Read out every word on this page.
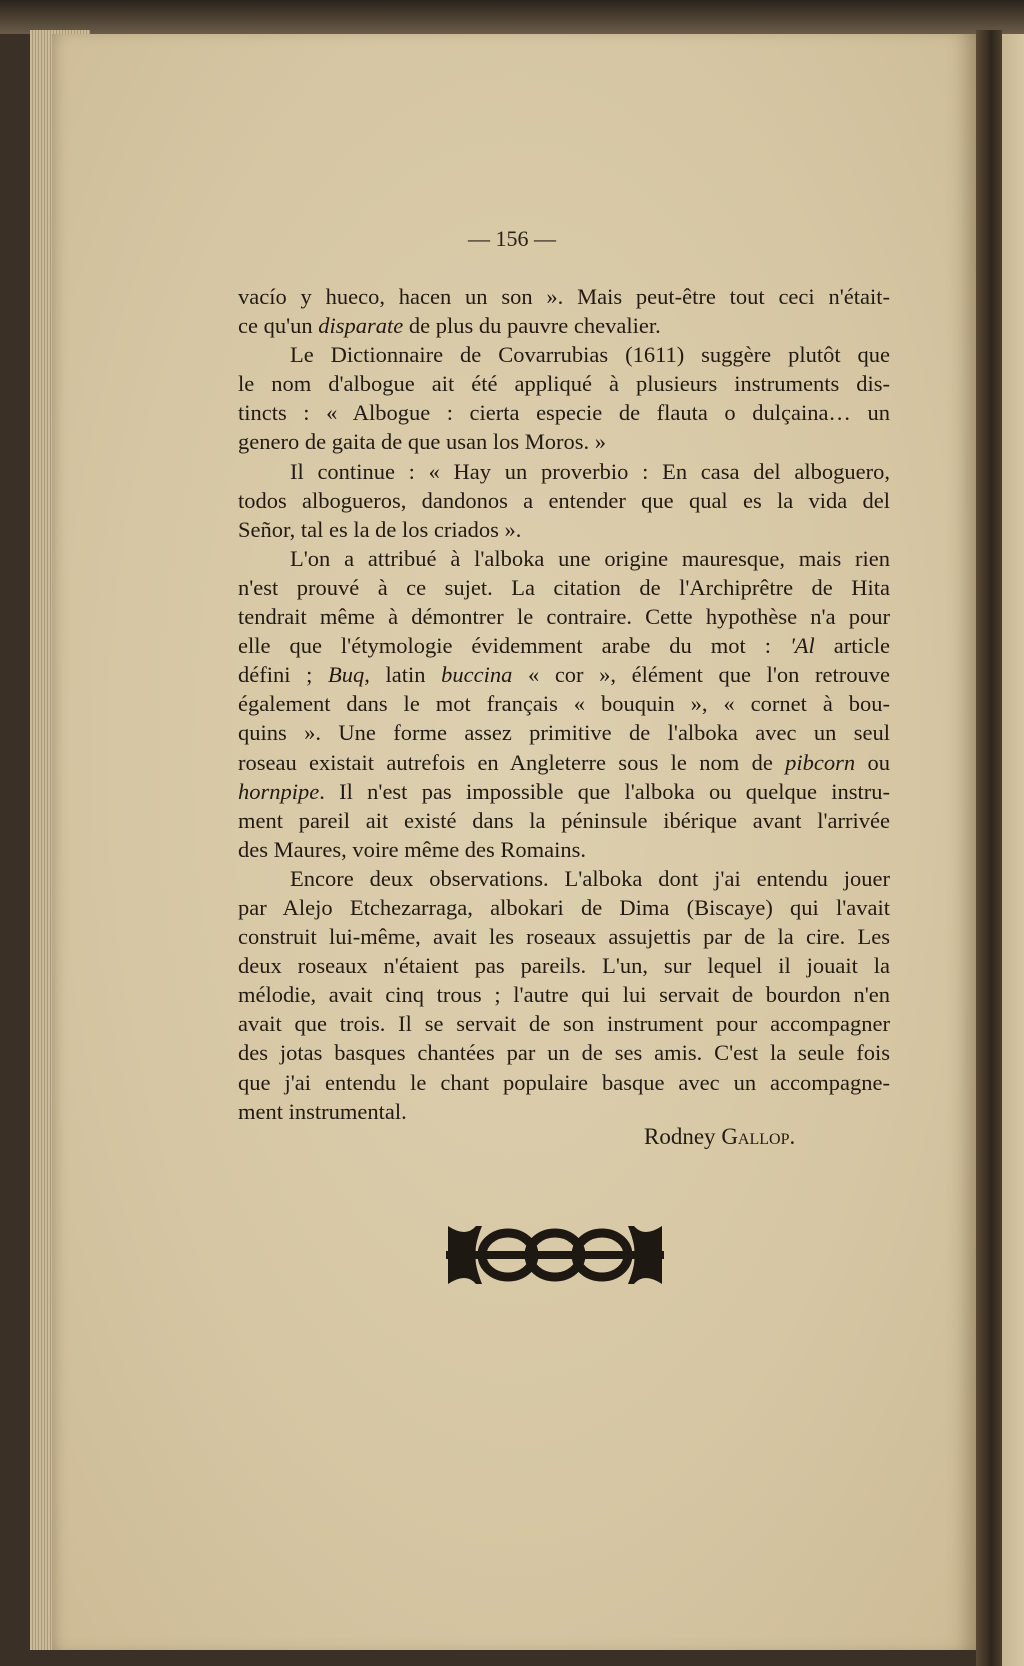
— 156 —
vacío y hueco, hacen un son ». Mais peut-être tout ceci n'était-
ce qu'un disparate de plus du pauvre chevalier.
Le Dictionnaire de Covarrubias (1611) suggère plutôt que
le nom d'albogue ait été appliqué à plusieurs instruments dis-
tincts : « Albogue : cierta especie de flauta o dulçaina… un
genero de gaita de que usan los Moros. »
Il continue : « Hay un proverbio : En casa del alboguero,
todos albogueros, dandonos a entender que qual es la vida del
Señor, tal es la de los criados ».
L'on a attribué à l'alboka une origine mauresque, mais rien
n'est prouvé à ce sujet. La citation de l'Archiprêtre de Hita
tendrait même à démontrer le contraire. Cette hypothèse n'a pour
elle que l'étymologie évidemment arabe du mot : 'Al article
défini ; Buq, latin buccina « cor », élément que l'on retrouve
également dans le mot français « bouquin », « cornet à bou-
quins ». Une forme assez primitive de l'alboka avec un seul
roseau existait autrefois en Angleterre sous le nom de pibcorn ou
hornpipe. Il n'est pas impossible que l'alboka ou quelque instru-
ment pareil ait existé dans la péninsule ibérique avant l'arrivée
des Maures, voire même des Romains.
Encore deux observations. L'alboka dont j'ai entendu jouer
par Alejo Etchezarraga, albokari de Dima (Biscaye) qui l'avait
construit lui-même, avait les roseaux assujettis par de la cire. Les
deux roseaux n'étaient pas pareils. L'un, sur lequel il jouait la
mélodie, avait cinq trous ; l'autre qui lui servait de bourdon n'en
avait que trois. Il se servait de son instrument pour accompagner
des jotas basques chantées par un de ses amis. C'est la seule fois
que j'ai entendu le chant populaire basque avec un accompagne-
ment instrumental.
Rodney Gallop.
